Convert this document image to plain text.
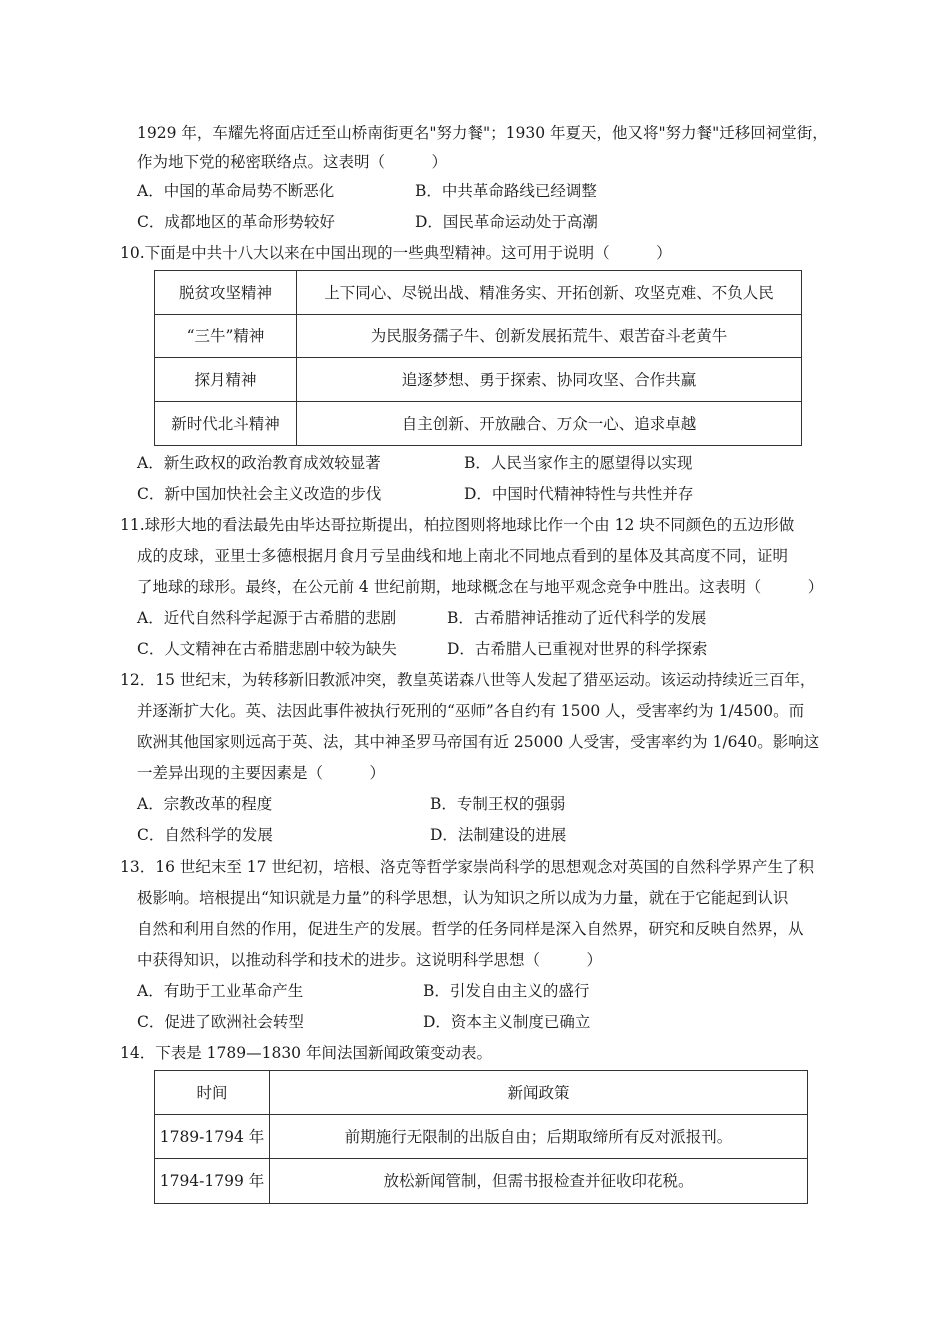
1929 年，车耀先将面店迁至山桥南街更名"努力餐"；1930 年夏天，他又将"努力餐"迁移回祠堂街，
作为地下党的秘密联络点。这表明（　　　）
A．中国的革命局势不断恶化	B．中共革命路线已经调整
C．成都地区的革命形势较好	D．国民革命运动处于高潮
10.下面是中共十八大以来在中国出现的一些典型精神。这可用于说明（　　　）
脱贫攻坚精神	上下同心、尽锐出战、精准务实、开拓创新、攻坚克难、不负人民
“三牛”精神	为民服务孺子牛、创新发展拓荒牛、艰苦奋斗老黄牛
探月精神	追逐梦想、勇于探索、协同攻坚、合作共赢
新时代北斗精神	自主创新、开放融合、万众一心、追求卓越
A．新生政权的政治教育成效较显著	B．人民当家作主的愿望得以实现
C．新中国加快社会主义改造的步伐	D．中国时代精神特性与共性并存
11.球形大地的看法最先由毕达哥拉斯提出，柏拉图则将地球比作一个由 12 块不同颜色的五边形做
成的皮球，亚里士多德根据月食月亏呈曲线和地上南北不同地点看到的星体及其高度不同，证明
了地球的球形。最终，在公元前 4 世纪前期，地球概念在与地平观念竞争中胜出。这表明（　　　）
A．近代自然科学起源于古希腊的悲剧	B．古希腊神话推动了近代科学的发展
C．人文精神在古希腊悲剧中较为缺失	D．古希腊人已重视对世界的科学探索
12．15 世纪末，为转移新旧教派冲突，教皇英诺森八世等人发起了猎巫运动。该运动持续近三百年，
并逐渐扩大化。英、法因此事件被执行死刑的“巫师”各自约有 1500 人，受害率约为 1/4500。而
欧洲其他国家则远高于英、法，其中神圣罗马帝国有近 25000 人受害，受害率约为 1/640。影响这
一差异出现的主要因素是（　　　）
A．宗教改革的程度	B．专制王权的强弱
C．自然科学的发展	D．法制建设的进展
13．16 世纪末至 17 世纪初，培根、洛克等哲学家崇尚科学的思想观念对英国的自然科学界产生了积
极影响。培根提出“知识就是力量”的科学思想，认为知识之所以成为力量，就在于它能起到认识
自然和利用自然的作用，促进生产的发展。哲学的任务同样是深入自然界，研究和反映自然界，从
中获得知识，以推动科学和技术的进步。这说明科学思想（　　　）
A．有助于工业革命产生	B．引发自由主义的盛行
C．促进了欧洲社会转型	D．资本主义制度已确立
14．下表是 1789—1830 年间法国新闻政策变动表。
时间	新闻政策
1789-1794 年	前期施行无限制的出版自由；后期取缔所有反对派报刊。
1794-1799 年	放松新闻管制，但需书报检查并征收印花税。
